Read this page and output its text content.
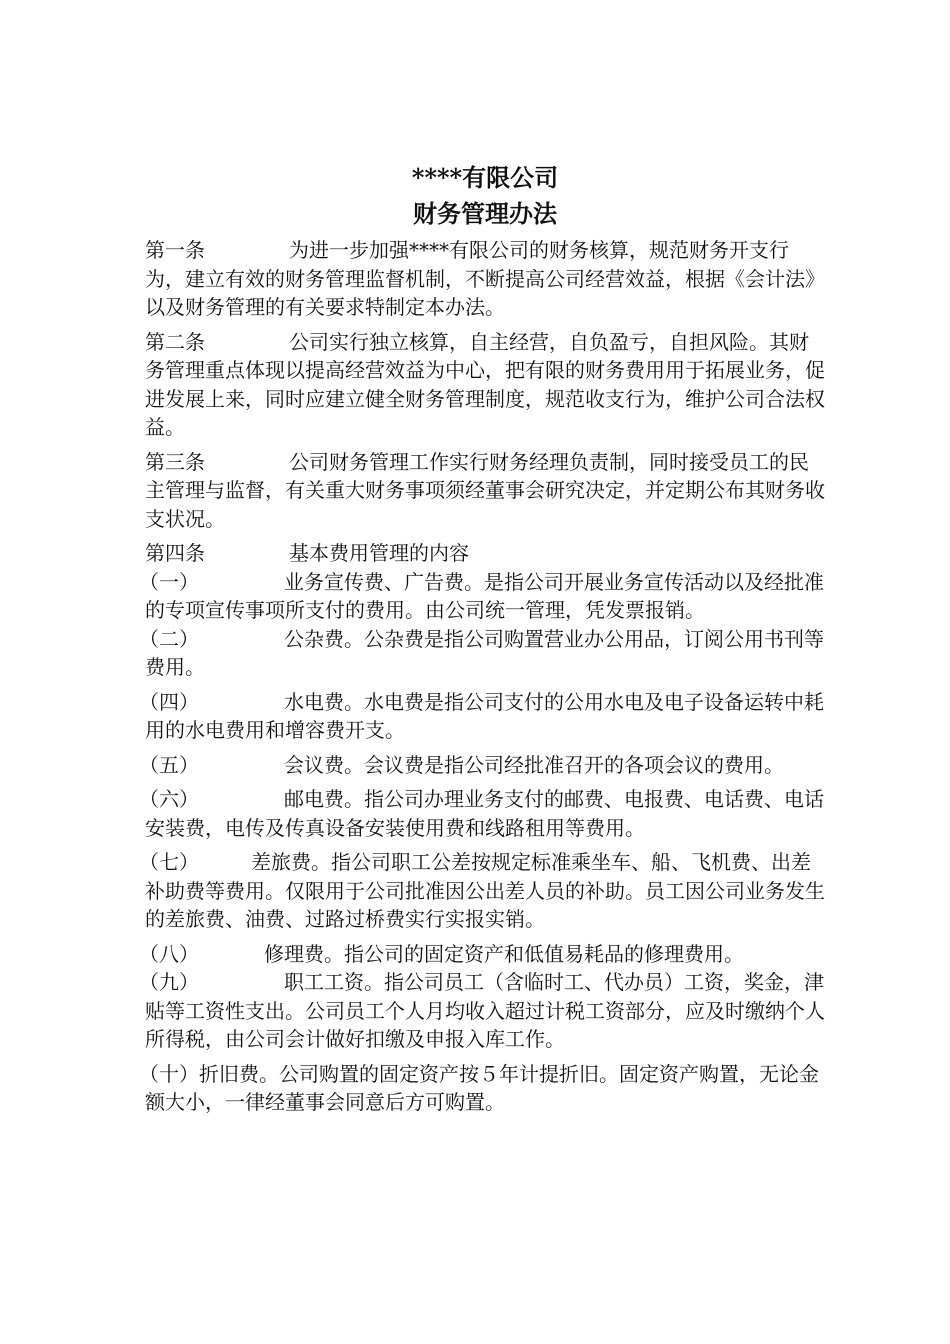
****有限公司
财务管理办法

第一条	为进一步加强****有限公司的财务核算，规范财务开支行为，建立有效的财务管理监督机制，不断提高公司经营效益，根据《会计法》以及财务管理的有关要求特制定本办法。

第二条	公司实行独立核算，自主经营，自负盈亏，自担风险。其财务管理重点体现以提高经营效益为中心，把有限的财务费用用于拓展业务，促进发展上来，同时应建立健全财务管理制度，规范收支行为，维护公司合法权益。

第三条	公司财务管理工作实行财务经理负责制，同时接受员工的民主管理与监督，有关重大财务事项须经董事会研究决定，并定期公布其财务收支状况。

第四条	基本费用管理的内容

（一）	业务宣传费、广告费。是指公司开展业务宣传活动以及经批准的专项宣传事项所支付的费用。由公司统一管理，凭发票报销。

（二）	公杂费。公杂费是指公司购置营业办公用品，订阅公用书刊等费用。

（四）	水电费。水电费是指公司支付的公用水电及电子设备运转中耗用的水电费用和增容费开支。

（五）	会议费。会议费是指公司经批准召开的各项会议的费用。

（六）	邮电费。指公司办理业务支付的邮费、电报费、电话费、电话安装费，电传及传真设备安装使用费和线路租用等费用。

（七）	差旅费。指公司职工公差按规定标准乘坐车、船、飞机费、出差补助费等费用。仅限用于公司批准因公出差人员的补助。员工因公司业务发生的差旅费、油费、过路过桥费实行实报实销。

（八）	修理费。指公司的固定资产和低值易耗品的修理费用。

（九）	职工工资。指公司员工（含临时工、代办员）工资，奖金，津贴等工资性支出。公司员工个人月均收入超过计税工资部分，应及时缴纳个人所得税，由公司会计做好扣缴及申报入库工作。

（十）折旧费。公司购置的固定资产按５年计提折旧。固定资产购置，无论金额大小，一律经董事会同意后方可购置。
